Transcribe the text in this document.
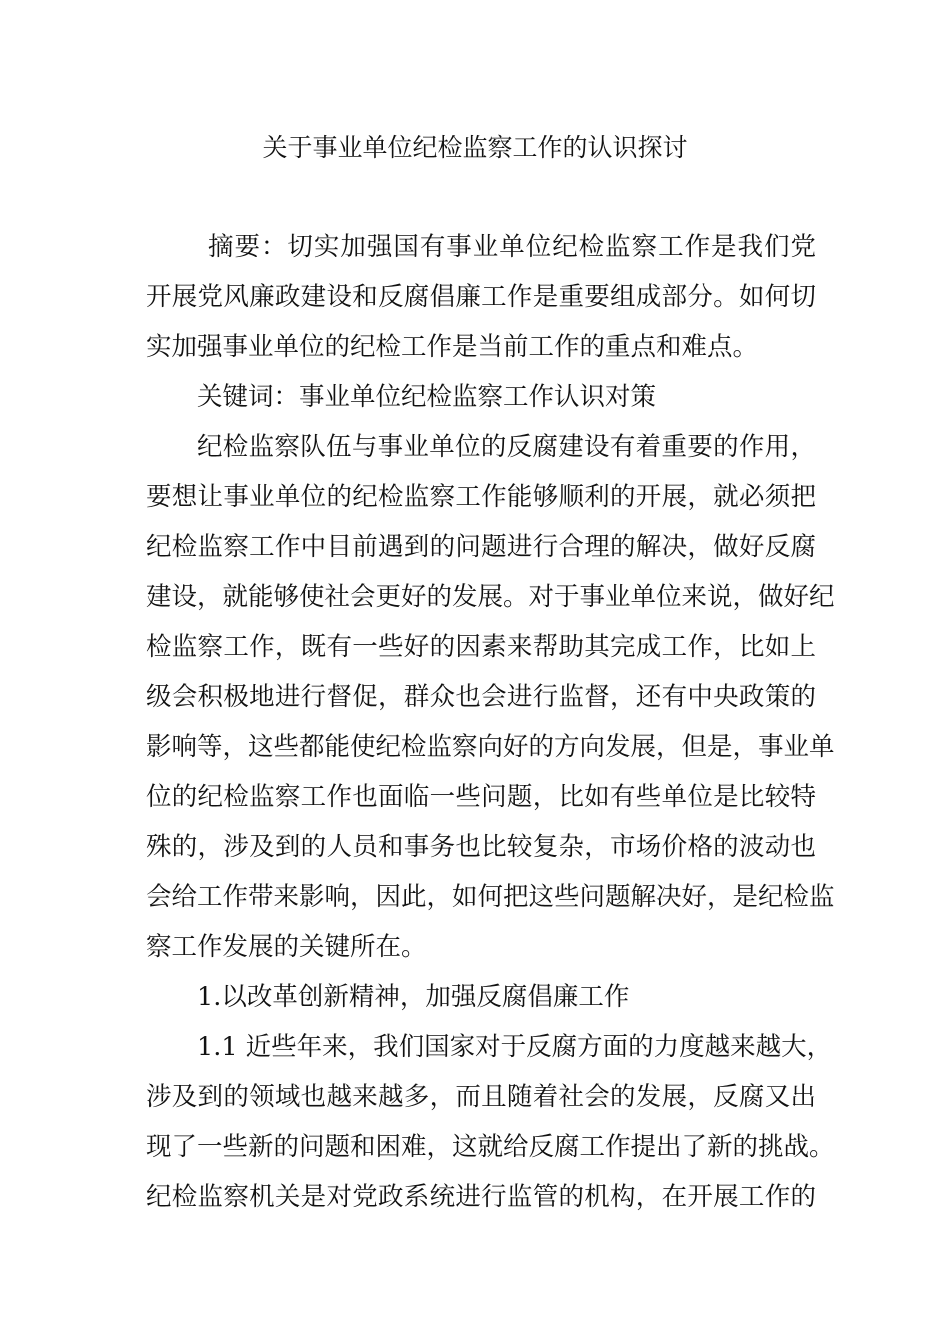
关于事业单位纪检监察工作的认识探讨
摘要：切实加强国有事业单位纪检监察工作是我们党
开展党风廉政建设和反腐倡廉工作是重要组成部分。如何切
实加强事业单位的纪检工作是当前工作的重点和难点。
关键词：事业单位纪检监察工作认识对策
纪检监察队伍与事业单位的反腐建设有着重要的作用，
要想让事业单位的纪检监察工作能够顺利的开展，就必须把
纪检监察工作中目前遇到的问题进行合理的解决，做好反腐
建设，就能够使社会更好的发展。对于事业单位来说，做好纪
检监察工作，既有一些好的因素来帮助其完成工作，比如上
级会积极地进行督促，群众也会进行监督，还有中央政策的
影响等，这些都能使纪检监察向好的方向发展，但是，事业单
位的纪检监察工作也面临一些问题，比如有些单位是比较特
殊的，涉及到的人员和事务也比较复杂，市场价格的波动也
会给工作带来影响，因此，如何把这些问题解决好，是纪检监
察工作发展的关键所在。
1.以改革创新精神，加强反腐倡廉工作
1.1 近些年来，我们国家对于反腐方面的力度越来越大，
涉及到的领域也越来越多，而且随着社会的发展，反腐又出
现了一些新的问题和困难，这就给反腐工作提出了新的挑战。
纪检监察机关是对党政系统进行监管的机构，在开展工作的
